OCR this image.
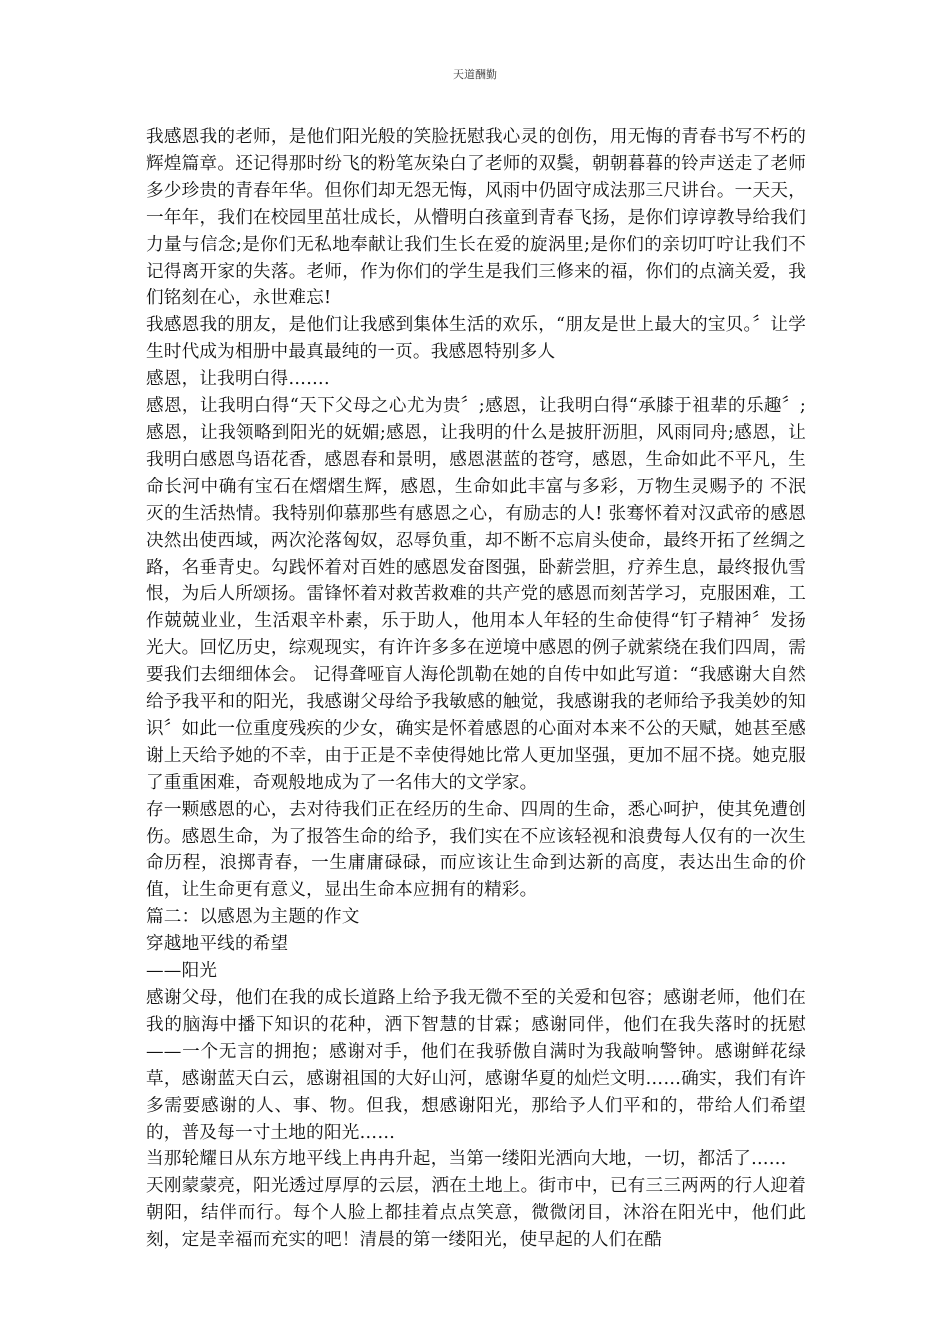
天道酬勤

我感恩我的老师，是他们阳光般的笑脸抚慰我心灵的创伤，用无悔的青春书写不朽的辉煌篇章。还记得那时纷飞的粉笔灰染白了老师的双鬓，朝朝暮暮的铃声送走了老师多少珍贵的青春年华。但你们却无怨无悔，风雨中仍固守成法那三尺讲台。一天天，一年年，我们在校园里茁壮成长，从懵明白孩童到青春飞扬，是你们谆谆教导给我们力量与信念;是你们无私地奉献让我们生长在爱的旋涡里;是你们的亲切叮咛让我们不记得离开家的失落。老师，作为你们的学生是我们三修来的福，你们的点滴关爱，我们铭刻在心，永世难忘!

我感恩我的朋友，是他们让我感到集体生活的欢乐，“朋友是世上最大的宝贝。〞让学生时代成为相册中最真最纯的一页。我感恩特别多人

感恩，让我明白得…….

感恩，让我明白得“天下父母之心尤为贵〞;感恩，让我明白得“承膝于祖辈的乐趣〞;感恩，让我领略到阳光的妩媚;感恩，让我明的什么是披肝沥胆，风雨同舟;感恩，让我明白感恩鸟语花香，感恩春和景明，感恩湛蓝的苍穹，感恩，生命如此不平凡，生命长河中确有宝石在熠熠生辉，感恩，生命如此丰富与多彩，万物生灵赐予的 不泯灭的生活热情。我特别仰慕那些有感恩之心，有励志的人! 张骞怀着对汉武帝的感恩决然出使西域，两次沦落匈奴，忍辱负重，却不断不忘肩头使命，最终开拓了丝绸之路，名垂青史。勾践怀着对百姓的感恩发奋图强，卧薪尝胆，疗养生息，最终报仇雪恨，为后人所颂扬。雷锋怀着对救苦救难的共产党的感恩而刻苦学习，克服困难，工作兢兢业业，生活艰辛朴素，乐于助人，他用本人年轻的生命使得“钉子精神〞发扬光大。回忆历史，综观现实，有许许多多在逆境中感恩的例子就萦绕在我们四周，需要我们去细细体会。 记得聋哑盲人海伦凯勒在她的自传中如此写道：“我感谢大自然给予我平和的阳光，我感谢父母给予我敏感的触觉，我感谢我的老师给予我美妙的知识〞如此一位重度残疾的少女，确实是怀着感恩的心面对本来不公的天赋，她甚至感谢上天给予她的不幸，由于正是不幸使得她比常人更加坚强，更加不屈不挠。她克服了重重困难，奇观般地成为了一名伟大的文学家。

存一颗感恩的心，去对待我们正在经历的生命、四周的生命，悉心呵护，使其免遭创伤。感恩生命，为了报答生命的给予，我们实在不应该轻视和浪费每人仅有的一次生命历程，浪掷青春，一生庸庸碌碌，而应该让生命到达新的高度，表达出生命的价值，让生命更有意义，显出生命本应拥有的精彩。

篇二：以感恩为主题的作文

穿越地平线的希望

——阳光

感谢父母，他们在我的成长道路上给予我无微不至的关爱和包容；感谢老师，他们在我的脑海中播下知识的花种，洒下智慧的甘霖；感谢同伴，他们在我失落时的抚慰——一个无言的拥抱；感谢对手，他们在我骄傲自满时为我敲响警钟。感谢鲜花绿草，感谢蓝天白云，感谢祖国的大好山河，感谢华夏的灿烂文明……确实，我们有许多需要感谢的人、事、物。但我，想感谢阳光，那给予人们平和的，带给人们希望的，普及每一寸土地的阳光……

当那轮耀日从东方地平线上冉冉升起，当第一缕阳光洒向大地，一切，都活了……

天刚蒙蒙亮，阳光透过厚厚的云层，洒在土地上。街市中，已有三三两两的行人迎着朝阳，结伴而行。每个人脸上都挂着点点笑意，微微闭目，沐浴在阳光中，他们此刻，定是幸福而充实的吧！清晨的第一缕阳光，使早起的人们在酷
